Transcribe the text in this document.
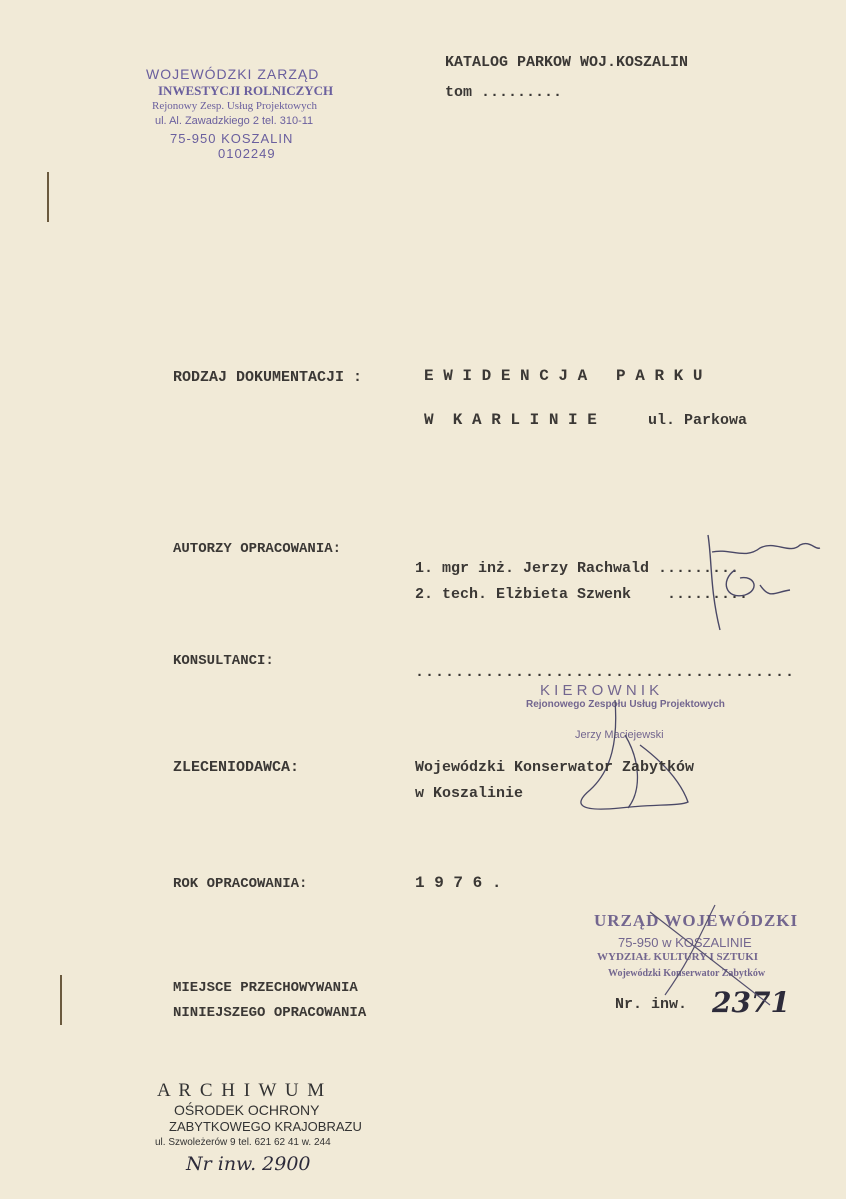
WOJEWÓDZKI ZARZĄD
INWESTYCJI ROLNICZYCH
Rejonowy Zesp. Usług Projektowych
ul. Al. Zawadzkiego 2 tel. 310-11
75-950 KOSZALIN
0102249
KATALOG PARKOW WOJ.KOSZALIN
tom .........
RODZAJ DOKUMENTACJI :	E W I D E N C J A   P A R K U
W  K A R L I N I E	ul. Parkowa
AUTORZY OPRACOWANIA:
1. mgr inż. Jerzy Rachwald .........
2. tech. Elżbieta Szwenk    .........
KONSULTANCI:
......................................
K I E R O W N I K
Rejonowego Zespołu Usług Projektowych
Jerzy Maciejewski
ZLECENIODAWCA:	Wojewódzki Konserwator Zabytków
w Koszalinie
ROK OPRACOWANIA:	1 9 7 6 .
URZĄD WOJEWÓDZKI
75-950 w KOSZALINIE
WYDZIAŁ KULTURY I SZTUKI
Wojewódzki Konserwator Zabytków
Nr. inw. 2371
MIEJSCE PRZECHOWYWANIA
NINIEJSZEGO OPRACOWANIA
A R C H I W U M
OŚRODEK OCHRONY
ZABYTKOWEGO KRAJOBRAZU
ul. Szwoleżerów 9 tel. 621 62 41 w. 244
Nr inw. 2900
